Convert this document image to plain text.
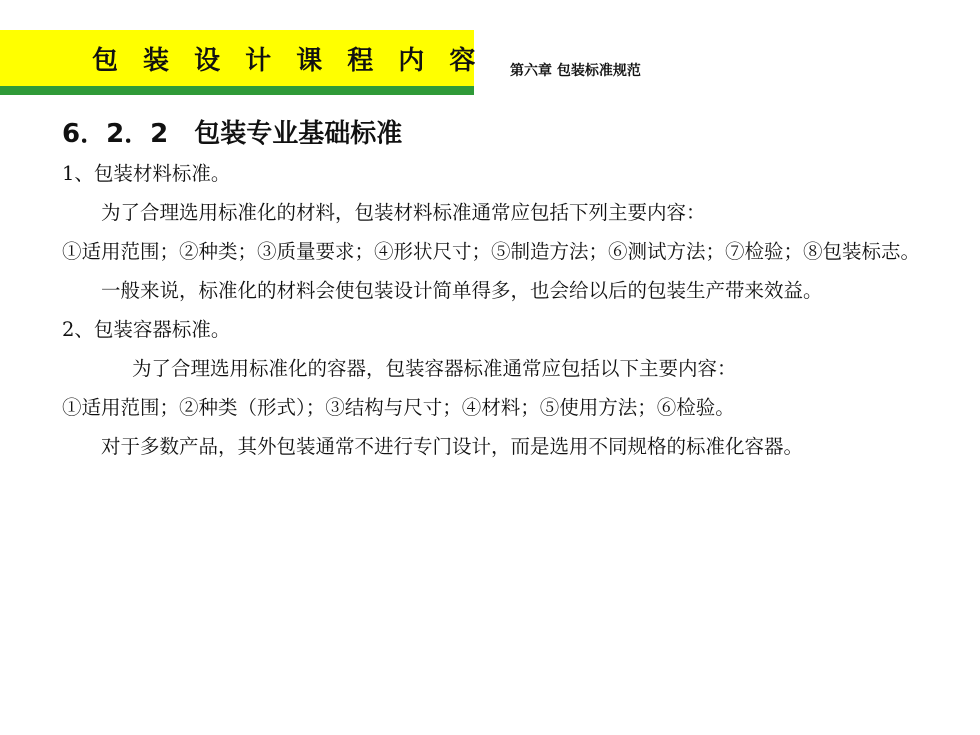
包 装 设 计 课 程 内 容 第六章 包装标准规范
6．2．2　包装专业基础标准

1、包装材料标准。

为了合理选用标准化的材料，包装材料标准通常应包括下列主要内容：

①适用范围；②种类；③质量要求；④形状尺寸；⑤制造方法；⑥测试方法；⑦检验；⑧包装标志。

一般来说，标准化的材料会使包装设计简单得多，也会给以后的包装生产带来效益。

2、包装容器标准。

为了合理选用标准化的容器，包装容器标准通常应包括以下主要内容：

①适用范围；②种类（形式）；③结构与尺寸；④材料；⑤使用方法；⑥检验。

对于多数产品，其外包装通常不进行专门设计，而是选用不同规格的标准化容器。
